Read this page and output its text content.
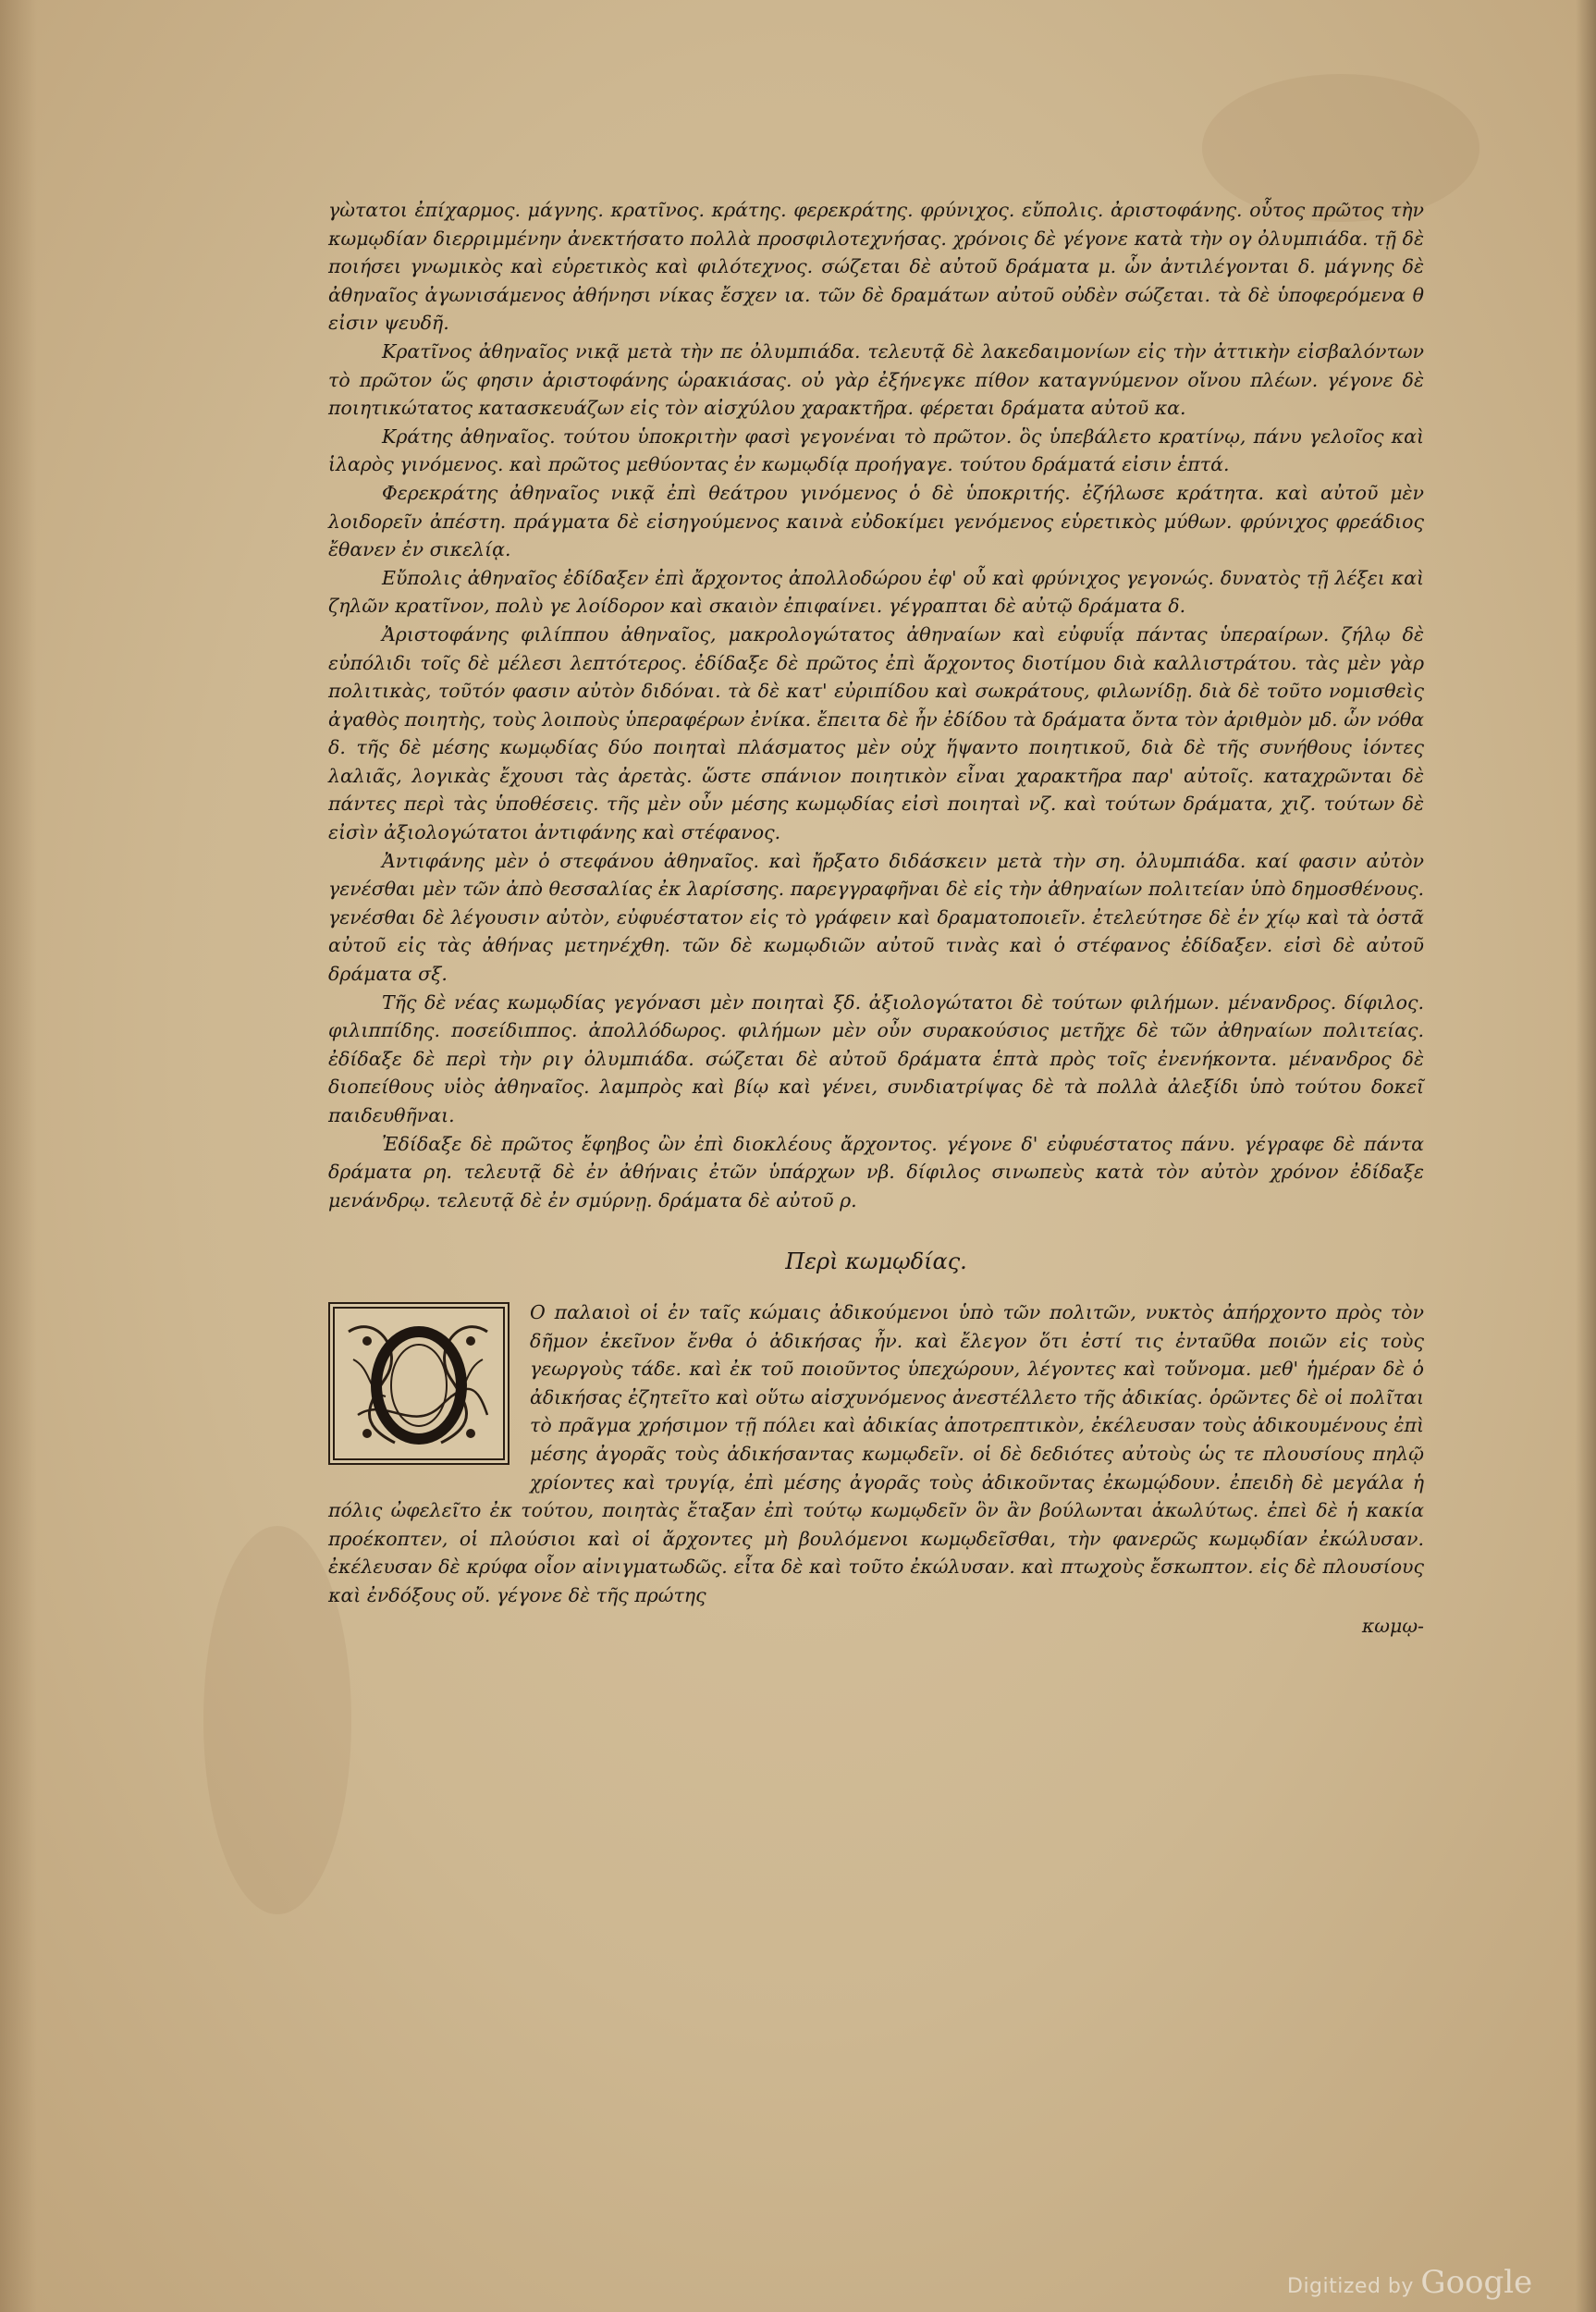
γὼτατοι ἐπίχαρμος. μάγνης. κρατῖνος. κράτης. φερεκράτης. φρύνιχος. εὔπολις. ἀριστοφάνης. οὗτος πρῶτος τὴν κωμῳδίαν διερριμμένην ἀνεκτήσατο πολλὰ προσφιλοτεχνήσας. χρόνοις δὲ γέγονε κατὰ τὴν ογ ὀλυμπιάδα. τῇ δὲ ποιήσει γνωμικὸς καὶ εὑρετικὸς καὶ φιλότεχνος. σώζεται δὲ αὐτοῦ δράματα μ. ὧν ἀντιλέγονται δ. μάγνης δὲ ἀθηναῖος ἀγωνισάμενος ἀθήνησι νίκας ἔσχεν ια. τῶν δὲ δραμάτων αὐτοῦ οὐδὲν σώζεται. τὰ δὲ ὑποφερόμενα θ εἰσιν ψευδῆ.

Κρατῖνος ἀθηναῖος νικᾷ μετὰ τὴν πε ὀλυμπιάδα. τελευτᾷ δὲ λακεδαιμονίων εἰς τὴν ἀττικὴν εἰσβαλόντων τὸ πρῶτον ὥς φησιν ἀριστοφάνης ὡρακιάσας. οὐ γὰρ ἐξήνεγκε πίθον καταγνύμενον οἴνου πλέων. γέγονε δὲ ποιητικώτατος κατασκευάζων εἰς τὸν αἰσχύλου χαρακτῆρα. φέρεται δράματα αὐτοῦ κα.

Κράτης ἀθηναῖος. τούτου ὑποκριτὴν φασὶ γεγονέναι τὸ πρῶτον. ὃς ὑπεβάλετο κρατίνῳ, πάνυ γελοῖος καὶ ἱλαρὸς γινόμενος. καὶ πρῶτος μεθύοντας ἐν κωμῳδίᾳ προήγαγε. τούτου δράματά εἰσιν ἑπτά.

Φερεκράτης ἀθηναῖος νικᾷ ἐπὶ θεάτρου γινόμενος ὁ δὲ ὑποκριτής. ἐζήλωσε κράτητα. καὶ αὐτοῦ μὲν λοιδορεῖν ἀπέστη. πράγματα δὲ εἰσηγούμενος καινὰ εὐδοκίμει γενόμενος εὑρετικὸς μύθων. φρύνιχος φρεάδιος ἔθανεν ἐν σικελίᾳ.

Εὔπολις ἀθηναῖος ἐδίδαξεν ἐπὶ ἄρχοντος ἀπολλοδώρου ἐφ' οὗ καὶ φρύνιχος γεγονώς. δυνατὸς τῇ λέξει καὶ ζηλῶν κρατῖνον, πολὺ γε λοίδορον καὶ σκαιὸν ἐπιφαίνει. γέγραπται δὲ αὐτῷ δράματα δ.

Ἀριστοφάνης φιλίππου ἀθηναῖος, μακρολογώτατος ἀθηναίων καὶ εὐφυΐᾳ πάντας ὑπεραίρων. ζήλῳ δὲ εὐπόλιδι τοῖς δὲ μέλεσι λεπτότερος. ἐδίδαξε δὲ πρῶτος ἐπὶ ἄρχοντος διοτίμου διὰ καλλιστράτου. τὰς μὲν γὰρ πολιτικὰς, τοῦτόν φασιν αὐτὸν διδόναι. τὰ δὲ κατ' εὐριπίδου καὶ σωκράτους, φιλωνίδῃ. διὰ δὲ τοῦτο νομισθεὶς ἀγαθὸς ποιητὴς, τοὺς λοιποὺς ὑπεραφέρων ἐνίκα. ἔπειτα δὲ ἦν ἐδίδου τὰ δράματα ὄντα τὸν ἀριθμὸν μδ. ὧν νόθα δ. τῆς δὲ μέσης κωμῳδίας δύο ποιηταὶ πλάσματος μὲν οὐχ ἥψαντο ποιητικοῦ, διὰ δὲ τῆς συνήθους ἰόντες λαλιᾶς, λογικὰς ἔχουσι τὰς ἀρετὰς. ὥστε σπάνιον ποιητικὸν εἶναι χαρακτῆρα παρ' αὐτοῖς. καταχρῶνται δὲ πάντες περὶ τὰς ὑποθέσεις. τῆς μὲν οὖν μέσης κωμῳδίας εἰσὶ ποιηταὶ νζ. καὶ τούτων δράματα, χιζ. τούτων δὲ εἰσὶν ἀξιολογώτατοι ἀντιφάνης καὶ στέφανος.

Ἀντιφάνης μὲν ὁ στεφάνου ἀθηναῖος. καὶ ἤρξατο διδάσκειν μετὰ τὴν ση. ὀλυμπιάδα. καί φασιν αὐτὸν γενέσθαι μὲν τῶν ἀπὸ θεσσαλίας ἐκ λαρίσσης. παρεγγραφῆναι δὲ εἰς τὴν ἀθηναίων πολιτείαν ὑπὸ δημοσθένους. γενέσθαι δὲ λέγουσιν αὐτὸν, εὐφυέστατον εἰς τὸ γράφειν καὶ δραματοποιεῖν. ἐτελεύτησε δὲ ἐν χίῳ καὶ τὰ ὀστᾶ αὐτοῦ εἰς τὰς ἀθήνας μετηνέχθη. τῶν δὲ κωμῳδιῶν αὐτοῦ τινὰς καὶ ὁ στέφανος ἐδίδαξεν. εἰσὶ δὲ αὐτοῦ δράματα σξ.

Τῆς δὲ νέας κωμῳδίας γεγόνασι μὲν ποιηταὶ ξδ. ἀξιολογώτατοι δὲ τούτων φιλήμων. μένανδρος. δίφιλος. φιλιππίδης. ποσείδιππος. ἀπολλόδωρος. φιλήμων μὲν οὖν συρακούσιος μετῆχε δὲ τῶν ἀθηναίων πολιτείας. ἐδίδαξε δὲ περὶ τὴν ριγ ὀλυμπιάδα. σώζεται δὲ αὐτοῦ δράματα ἑπτὰ πρὸς τοῖς ἐνενήκοντα. μένανδρος δὲ διοπείθους υἱὸς ἀθηναῖος. λαμπρὸς καὶ βίῳ καὶ γένει, συνδιατρίψας δὲ τὰ πολλὰ ἀλεξίδι ὑπὸ τούτου δοκεῖ παιδευθῆναι.

Ἐδίδαξε δὲ πρῶτος ἔφηβος ὢν ἐπὶ διοκλέους ἄρχοντος. γέγονε δ' εὐφυέστατος πάνυ. γέγραφε δὲ πάντα δράματα ρη. τελευτᾷ δὲ ἐν ἀθήναις ἐτῶν ὑπάρχων νβ. δίφιλος σινωπεὺς κατὰ τὸν αὐτὸν χρόνον ἐδίδαξε μενάνδρῳ. τελευτᾷ δὲ ἐν σμύρνῃ. δράματα δὲ αὐτοῦ ρ.

Περὶ κωμῳδίας.

Ο παλαιοὶ οἱ ἐν ταῖς κώμαις ἀδικούμενοι ὑπὸ τῶν πολιτῶν, νυκτὸς ἀπήρχοντο πρὸς τὸν δῆμον ἐκεῖνον ἔνθα ὁ ἀδικήσας ἦν. καὶ ἔλεγον ὅτι ἐστί τις ἐνταῦθα ποιῶν εἰς τοὺς γεωργοὺς τάδε. καὶ ἐκ τοῦ ποιοῦντος ὑπεχώρουν, λέγοντες καὶ τοὔνομα. μεθ' ἡμέραν δὲ ὁ ἀδικήσας ἐζητεῖτο καὶ οὕτω αἰσχυνόμενος ἀνεστέλλετο τῆς ἀδικίας. ὁρῶντες δὲ οἱ πολῖται τὸ πρᾶγμα χρήσιμον τῇ πόλει καὶ ἀδικίας ἀποτρεπτικὸν, ἐκέλευσαν τοὺς ἀδικουμένους ἐπὶ μέσης ἀγορᾶς τοὺς ἀδικήσαντας κωμῳδεῖν. οἱ δὲ δεδιότες αὐτοὺς ὡς τε πλουσίους πηλῷ χρίοντες καὶ τρυγίᾳ, ἐπὶ μέσης ἀγορᾶς τοὺς ἀδικοῦντας ἐκωμῴδουν. ἐπειδὴ δὲ μεγάλα ἡ πόλις ὠφελεῖτο ἐκ τούτου, ποιητὰς ἔταξαν ἐπὶ τούτῳ κωμῳδεῖν ὃν ἂν βούλωνται ἀκωλύτως. ἐπεὶ δὲ ἡ κακία προέκοπτεν, οἱ πλούσιοι καὶ οἱ ἄρχοντες μὴ βουλόμενοι κωμῳδεῖσθαι, τὴν φανερῶς κωμῳδίαν ἐκώλυσαν. ἐκέλευσαν δὲ κρύφα οἷον αἰνιγματωδῶς. εἶτα δὲ καὶ τοῦτο ἐκώλυσαν. καὶ πτωχοὺς ἔσκωπτον. εἰς δὲ πλουσίους καὶ ἐνδόξους οὔ. γέγονε δὲ τῆς πρώτης

κωμῳ-
Digitized by Google
